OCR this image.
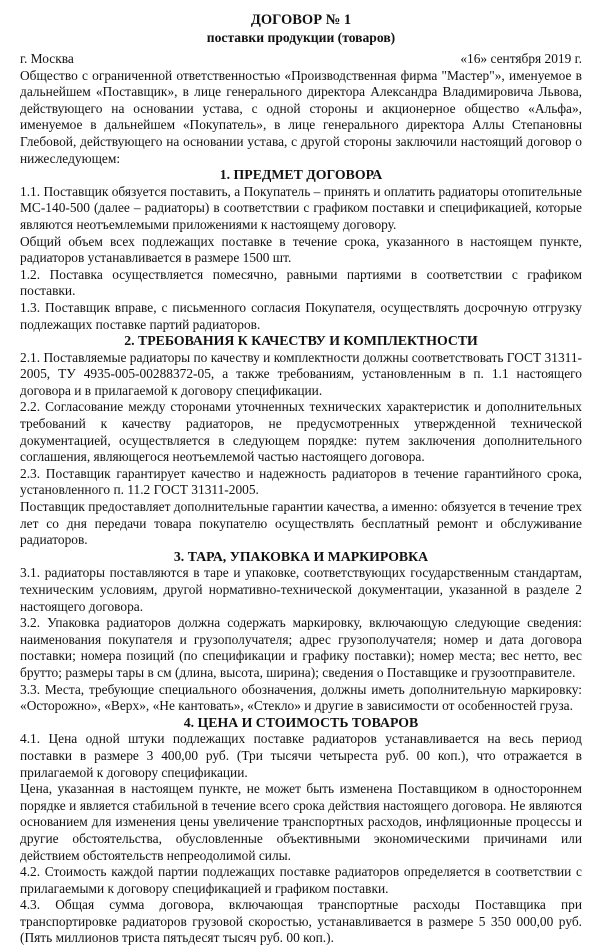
ДОГОВОР № 1
поставки продукции (товаров)
г. Москва	«16» сентября 2019 г.

Общество с ограниченной ответственностью «Производственная фирма "Мастер"», именуемое в дальнейшем «Поставщик», в лице генерального директора Александра Владимировича Львова, действующего на основании устава, с одной стороны и акционерное общество «Альфа», именуемое в дальнейшем «Покупатель», в лице генерального директора Аллы Степановны Глебовой, действующего на основании устава, с другой стороны заключили настоящий договор о нижеследующем:

1. ПРЕДМЕТ ДОГОВОРА

1.1. Поставщик обязуется поставить, а Покупатель – принять и оплатить радиаторы отопительные МС-140-500 (далее – радиаторы) в соответствии с графиком поставки и спецификацией, которые являются неотъемлемыми приложениями к настоящему договору.

Общий объем всех подлежащих поставке в течение срока, указанного в настоящем пункте, радиаторов устанавливается в размере 1500 шт.

1.2. Поставка осуществляется помесячно, равными партиями в соответствии с графиком поставки.

1.3. Поставщик вправе, с письменного согласия Покупателя, осуществлять досрочную отгрузку подлежащих поставке партий радиаторов.

2. ТРЕБОВАНИЯ К КАЧЕСТВУ И КОМПЛЕКТНОСТИ

2.1. Поставляемые радиаторы по качеству и комплектности должны соответствовать ГОСТ 31311-2005, ТУ 4935-005-00288372-05, а также требованиям, установленным в п. 1.1 настоящего договора и в прилагаемой к договору спецификации.

2.2. Согласование между сторонами уточненных технических характеристик и дополнительных требований к качеству радиаторов, не предусмотренных утвержденной технической документацией, осуществляется в следующем порядке: путем заключения дополнительного соглашения, являющегося неотъемлемой частью настоящего договора.

2.3. Поставщик гарантирует качество и надежность радиаторов в течение гарантийного срока, установленного п. 11.2 ГОСТ 31311-2005.

Поставщик предоставляет дополнительные гарантии качества, а именно: обязуется в течение трех лет со дня передачи товара покупателю осуществлять бесплатный ремонт и обслуживание радиаторов.

3. ТАРА, УПАКОВКА И МАРКИРОВКА

3.1. радиаторы поставляются в таре и упаковке, соответствующих государственным стандартам, техническим условиям, другой нормативно-технической документации, указанной в разделе 2 настоящего договора.

3.2. Упаковка радиаторов должна содержать маркировку, включающую следующие сведения: наименования покупателя и грузополучателя; адрес грузополучателя; номер и дата договора поставки; номера позиций (по спецификации и графику поставки); номер места; вес нетто, вес брутто; размеры тары в см (длина, высота, ширина); сведения о Поставщике и грузоотправителе.

3.3. Места, требующие специального обозначения, должны иметь дополнительную маркировку: «Осторожно», «Верх», «Не кантовать», «Стекло» и другие в зависимости от особенностей груза.

4. ЦЕНА И СТОИМОСТЬ ТОВАРОВ

4.1. Цена одной штуки подлежащих поставке радиаторов устанавливается на весь период поставки в размере 3 400,00 руб. (Три тысячи четыреста руб. 00 коп.), что отражается в прилагаемой к договору спецификации.

Цена, указанная в настоящем пункте, не может быть изменена Поставщиком в одностороннем порядке и является стабильной в течение всего срока действия настоящего договора. Не являются основанием для изменения цены увеличение транспортных расходов, инфляционные процессы и другие обстоятельства, обусловленные объективными экономическими причинами или действием обстоятельств непреодолимой силы.

4.2. Стоимость каждой партии подлежащих поставке радиаторов определяется в соответствии с прилагаемыми к договору спецификацией и графиком поставки.

4.3. Общая сумма договора, включающая транспортные расходы Поставщика при транспортировке радиаторов грузовой скоростью, устанавливается в размере 5 350 000,00 руб. (Пять миллионов триста пятьдесят тысяч руб. 00 коп.).
